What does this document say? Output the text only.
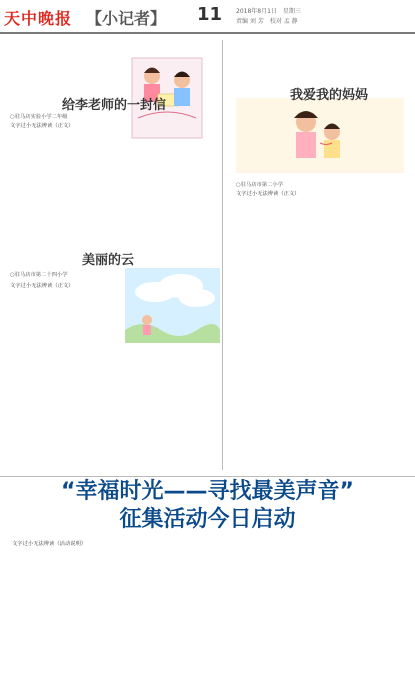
天中晚报 【小记者】 11 2018年8月1日　星期三
责编 刘 芳　校对 孟 静
给李老师的一封信
○驻马店实验小学二年级
文字过小无法辨读（正文）
美丽的云
○驻马店市第二十四小学
文字过小无法辨读（正文）
我爱我的妈妈
○驻马店市第二小学
文字过小无法辨读（正文）
“幸福时光——寻找最美声音”
征集活动今日启动
文字过小无法辨读（活动说明）
